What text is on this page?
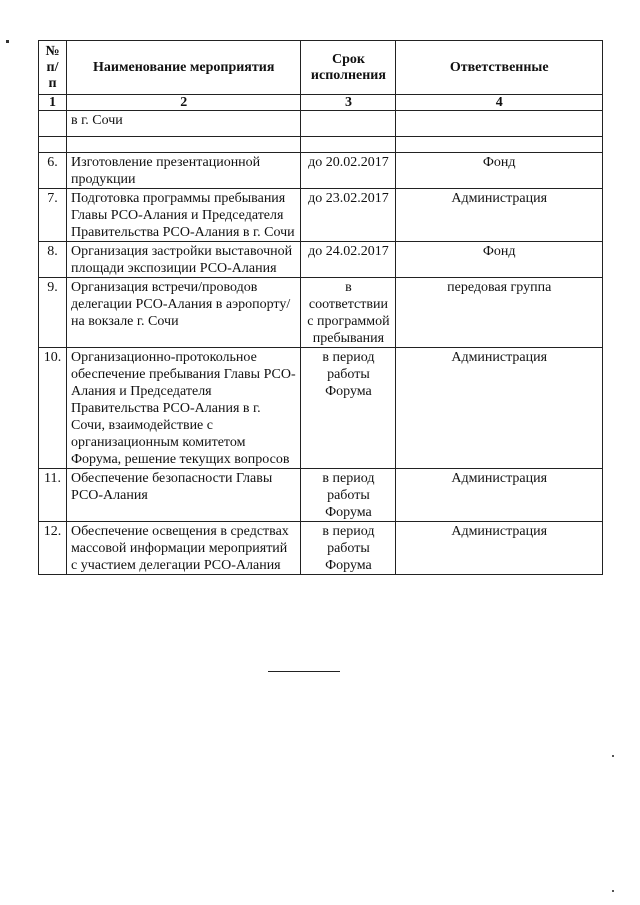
№ п/ п	Наименование мероприятия	Срок исполнения	Ответственные
1	2	3	4
	в г. Сочи		

6.	Изготовление презентационной продукции	до 20.02.2017	Фонд
7.	Подготовка программы пребывания Главы РСО-Алания и Председателя Правительства РСО-Алания в г. Сочи	до 23.02.2017	Администрация
8.	Организация застройки выставочной площади экспозиции РСО-Алания	до 24.02.2017	Фонд
9.	Организация встречи/проводов делегации РСО-Алания в аэропорту/ на вокзале г. Сочи	в соответствии с программой пребывания	передовая группа
10.	Организационно-протокольное обеспечение пребывания Главы РСО-Алания и Председателя Правительства РСО-Алания в г. Сочи, взаимодействие с организационным комитетом Форума, решение текущих вопросов	в период работы Форума	Администрация
11.	Обеспечение безопасности Главы РСО-Алания	в период работы Форума	Администрация
12.	Обеспечение освещения в средствах массовой информации мероприятий с участием делегации РСО-Алания	в период работы Форума	Администрация
